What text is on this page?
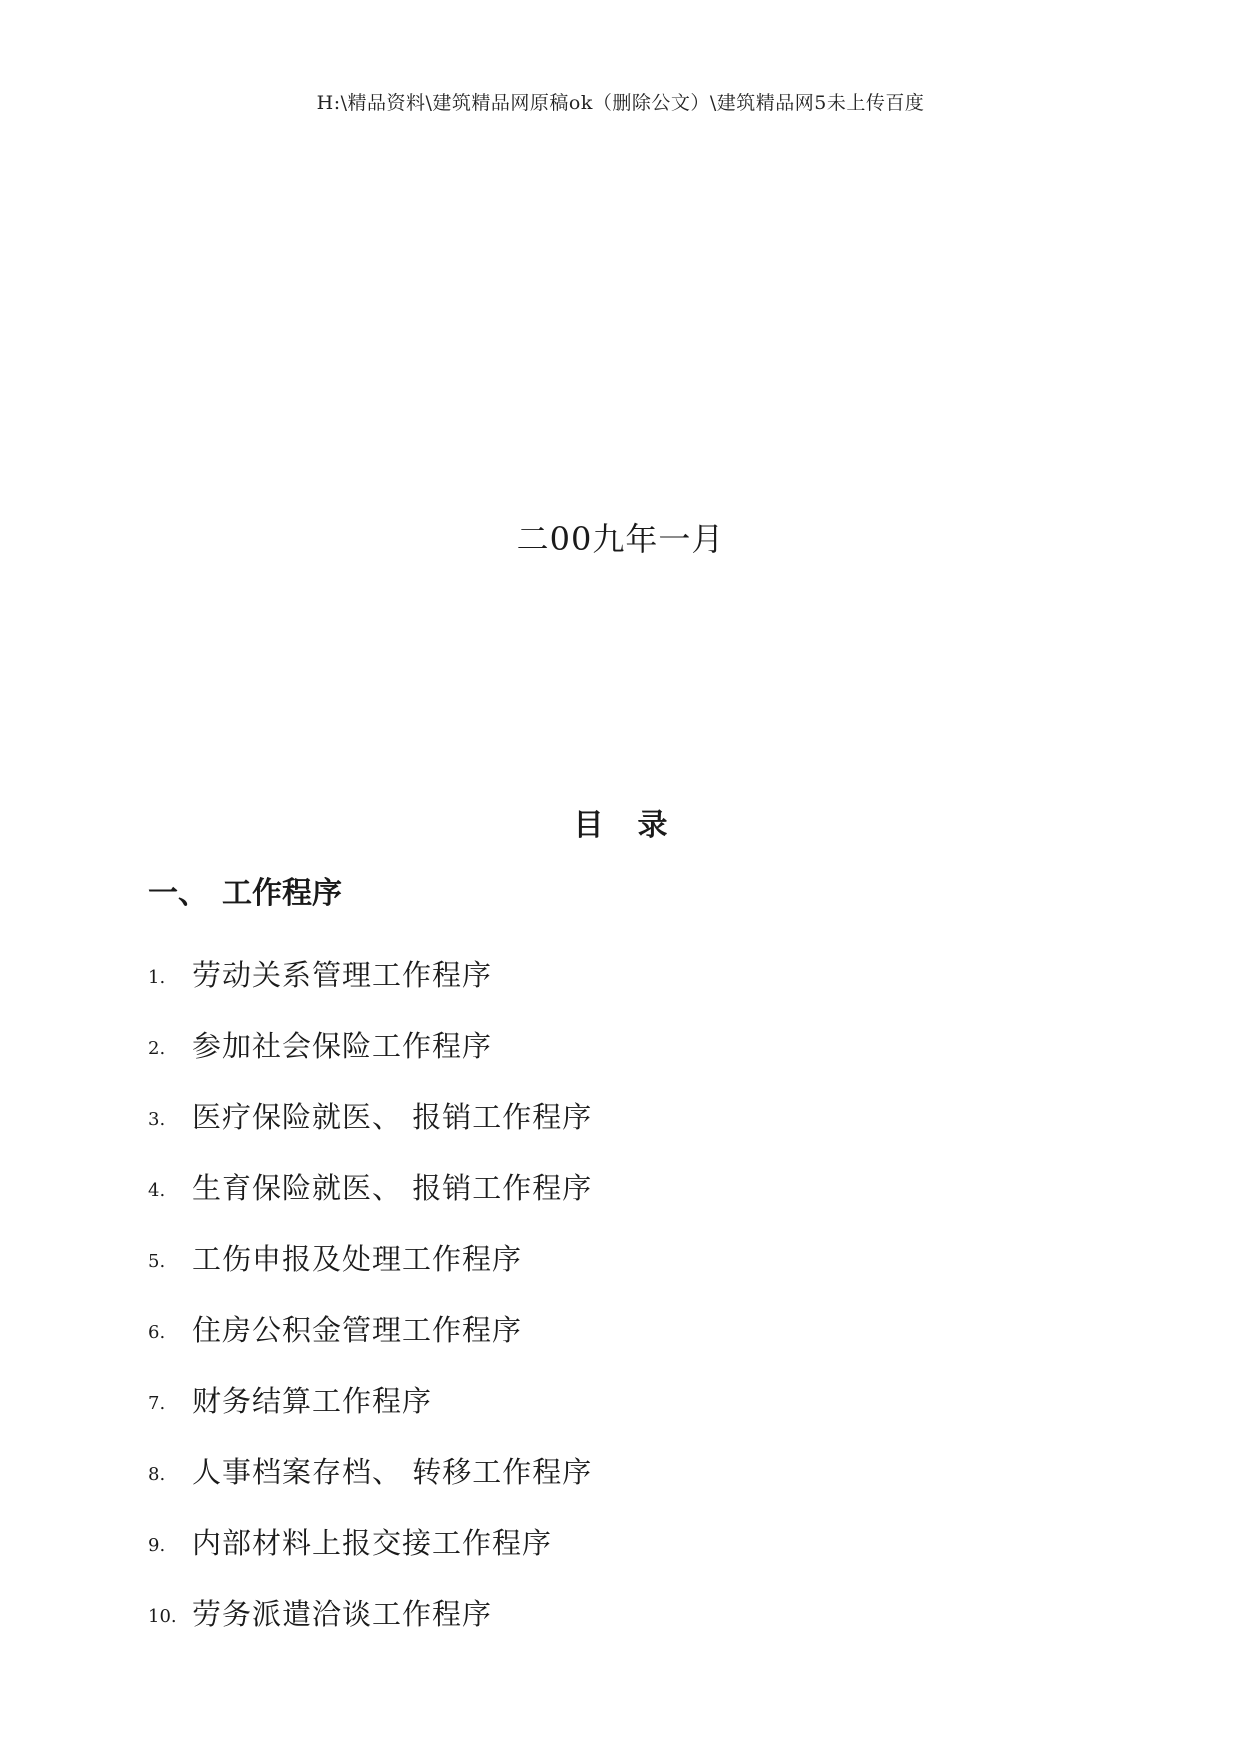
H:\精品资料\建筑精品网原稿ok（删除公文）\建筑精品网5未上传百度
二00九年一月
目 录
一、 工作程序
1. 劳动关系管理工作程序
2. 参加社会保险工作程序
3. 医疗保险就医、 报销工作程序
4. 生育保险就医、 报销工作程序
5. 工伤申报及处理工作程序
6. 住房公积金管理工作程序
7. 财务结算工作程序
8. 人事档案存档、 转移工作程序
9. 内部材料上报交接工作程序
10. 劳务派遣洽谈工作程序
